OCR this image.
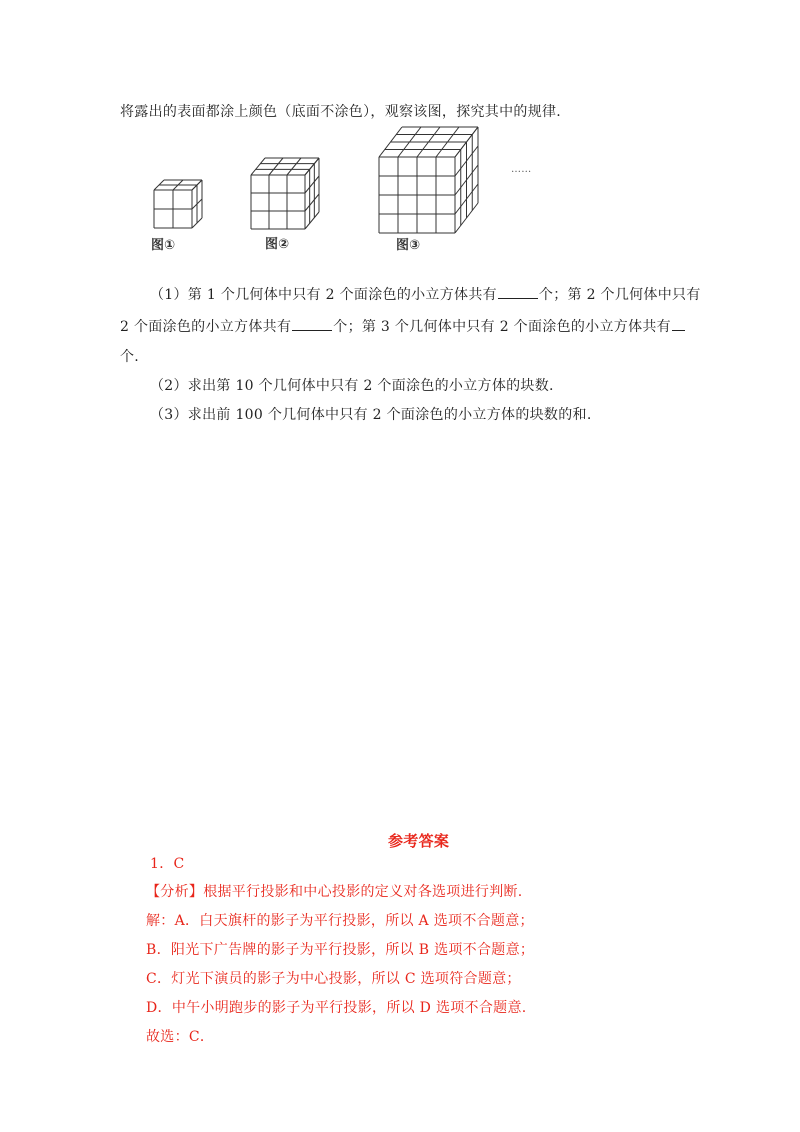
将露出的表面都涂上颜色（底面不涂色），观察该图，探究其中的规律.
图①	图②	图③
……
（1）第 1 个几何体中只有 2 个面涂色的小立方体共有	个；第 2 个几何体中只有
2 个面涂色的小立方体共有	个；第 3 个几何体中只有 2 个面涂色的小立方体共有
个.
（2）求出第 10 个几何体中只有 2 个面涂色的小立方体的块数.
（3）求出前 100 个几何体中只有 2 个面涂色的小立方体的块数的和.
参考答案
1．C
【分析】根据平行投影和中心投影的定义对各选项进行判断.
解：A．白天旗杆的影子为平行投影，所以 A 选项不合题意；
B．阳光下广告牌的影子为平行投影，所以 B 选项不合题意；
C．灯光下演员的影子为中心投影，所以 C 选项符合题意；
D．中午小明跑步的影子为平行投影，所以 D 选项不合题意.
故选：C．
